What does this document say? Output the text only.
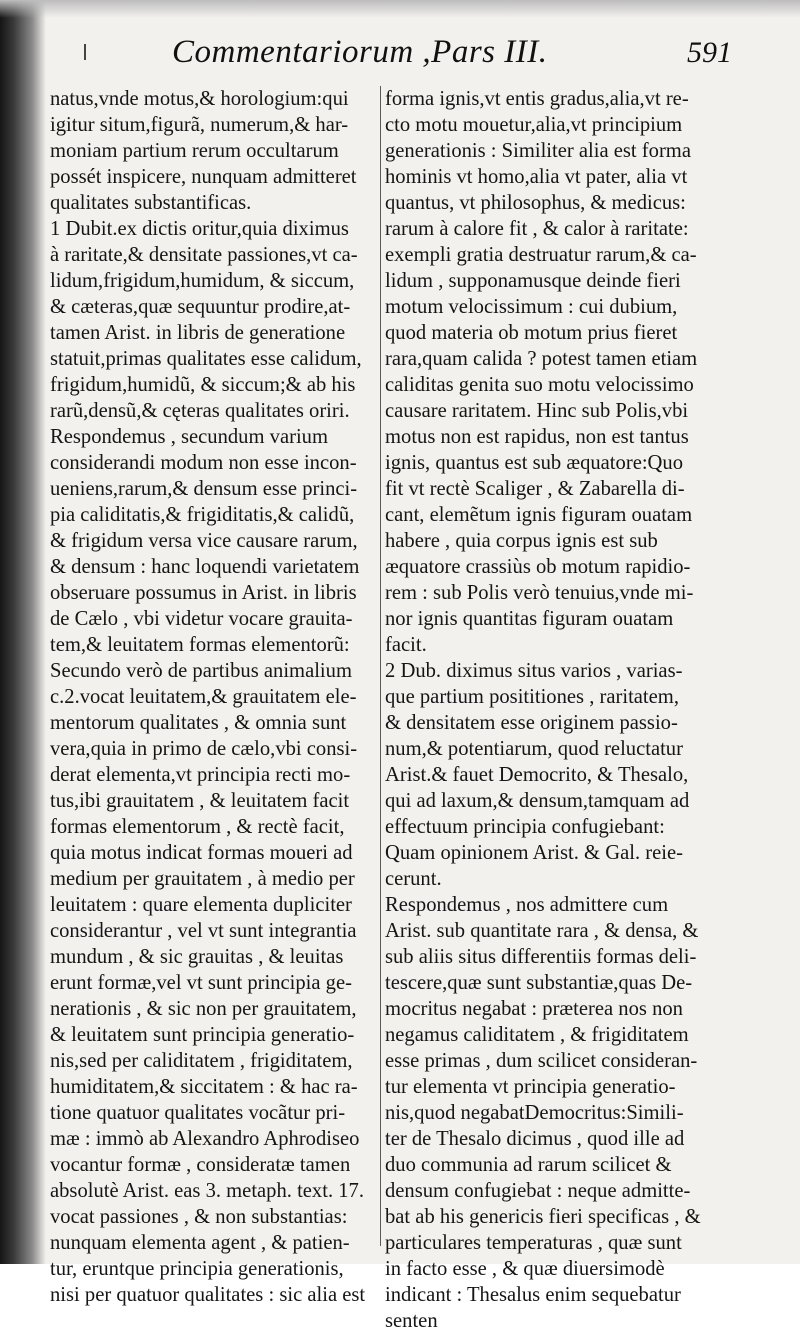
Commentariorum ,Pars III.	591
natus,vnde motus,& horologium:qui
igitur situm,figurã, numerum,& har-
moniam partium rerum occultarum
possét inspicere, nunquam admitteret
qualitates substantificas.
1 Dubit.ex dictis oritur,quia diximus
à raritate,& densitate passiones,vt ca-
lidum,frigidum,humidum, & siccum,
& cæteras,quæ sequuntur prodire,at-
tamen Arist. in libris de generatione
statuit,primas qualitates esse calidum,
frigidum,humidũ, & siccum;& ab his
rarũ,densũ,& cęteras qualitates oriri.
Respondemus , secundum varium
considerandi modum non esse incon-
ueniens,rarum,& densum esse princi-
pia caliditatis,& frigiditatis,& calidũ,
& frigidum versa vice causare rarum,
& densum : hanc loquendi varietatem
obseruare possumus in Arist. in libris
de Cælo , vbi videtur vocare grauita-
tem,& leuitatem formas elementorũ:
Secundo verò de partibus animalium
c.2.vocat leuitatem,& grauitatem ele-
mentorum qualitates , & omnia sunt
vera,quia in primo de cælo,vbi consi-
derat elementa,vt principia recti mo-
tus,ibi grauitatem , & leuitatem facit
formas elementorum , & rectè facit,
quia motus indicat formas moueri ad
medium per grauitatem , à medio per
leuitatem : quare elementa dupliciter
considerantur , vel vt sunt integrantia
mundum , & sic grauitas , & leuitas
erunt formæ,vel vt sunt principia ge-
nerationis , & sic non per grauitatem,
& leuitatem sunt principia generatio-
nis,sed per caliditatem , frigiditatem,
humiditatem,& siccitatem : & hac ra-
tione quatuor qualitates vocãtur pri-
mæ : immò ab Alexandro Aphrodiseo
vocantur formæ , consideratæ tamen
absolutè Arist. eas 3. metaph. text. 17.
vocat passiones , & non substantias:
nunquam elementa agent , & patien-
tur, eruntque principia generationis,
nisi per quatuor qualitates : sic alia est
forma ignis,vt entis gradus,alia,vt re-
cto motu mouetur,alia,vt principium
generationis : Similiter alia est forma
hominis vt homo,alia vt pater, alia vt
quantus, vt philosophus, & medicus:
rarum à calore fit , & calor à raritate:
exempli gratia destruatur rarum,& ca-
lidum , supponamusque deinde fieri
motum velocissimum : cui dubium,
quod materia ob motum prius fieret
rara,quam calida ? potest tamen etiam
caliditas genita suo motu velocissimo
causare raritatem. Hinc sub Polis,vbi
motus non est rapidus, non est tantus
ignis, quantus est sub æquatore:Quo
fit vt rectè Scaliger , & Zabarella di-
cant, elemẽtum ignis figuram ouatam
habere , quia corpus ignis est sub
æquatore crassiùs ob motum rapidio-
rem : sub Polis verò tenuius,vnde mi-
nor ignis quantitas figuram ouatam
facit.
2 Dub. diximus situs varios , varias-
que partium posititiones , raritatem,
& densitatem esse originem passio-
num,& potentiarum, quod reluctatur
Arist.& fauet Democrito, & Thesalo,
qui ad laxum,& densum,tamquam ad
effectuum principia confugiebant:
Quam opinionem Arist. & Gal. reie-
cerunt.
Respondemus , nos admittere cum
Arist. sub quantitate rara , & densa, &
sub aliis situs differentiis formas deli-
tescere,quæ sunt substantiæ,quas De-
mocritus negabat : præterea nos non
negamus caliditatem , & frigiditatem
esse primas , dum scilicet consideran-
tur elementa vt principia generatio-
nis,quod negabatDemocritus:Simili-
ter de Thesalo dicimus , quod ille ad
duo communia ad rarum scilicet &
densum confugiebat : neque admitte-
bat ab his genericis fieri specificas , &
particulares temperaturas , quæ sunt
in facto esse , & quæ diuersimodè
indicant : Thesalus enim sequebatur
senten
